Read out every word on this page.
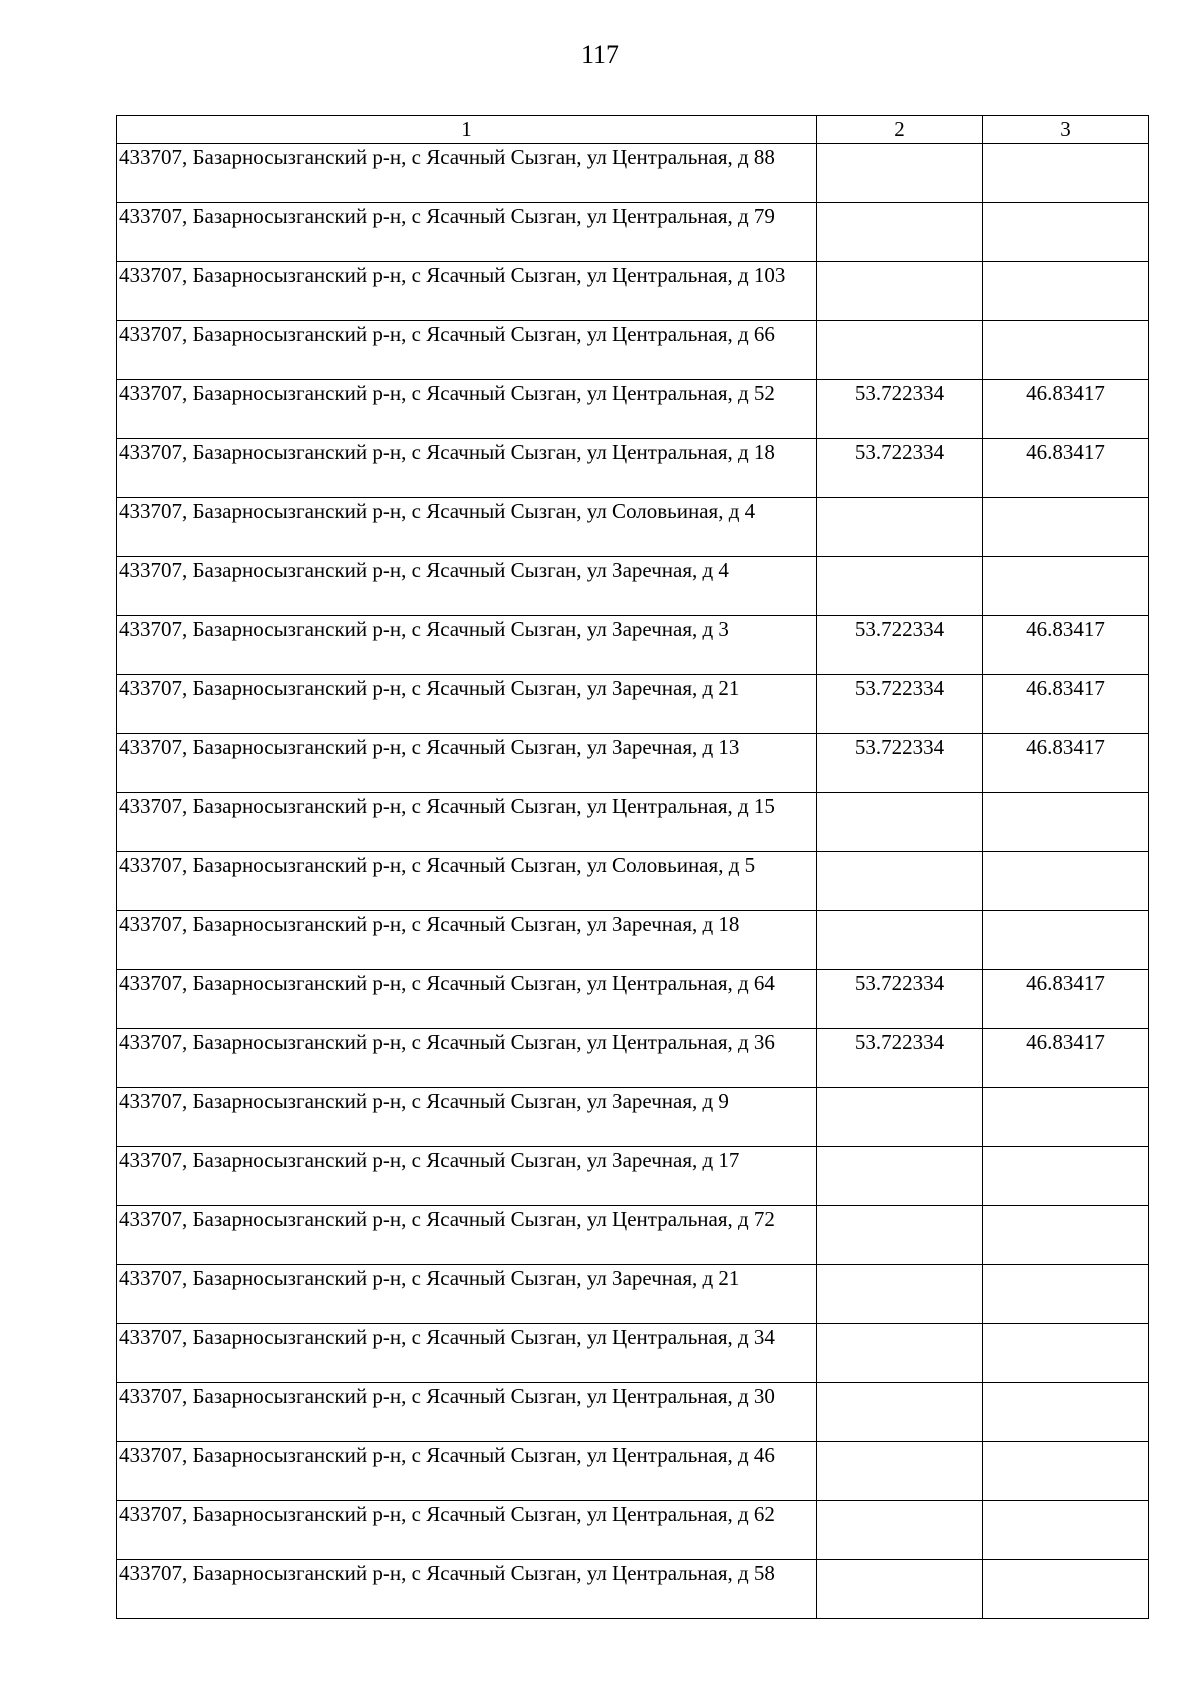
117
1	2	3
433707, Базарносызганский р-н, с Ясачный Сызган, ул Центральная, д 88		
433707, Базарносызганский р-н, с Ясачный Сызган, ул Центральная, д 79		
433707, Базарносызганский р-н, с Ясачный Сызган, ул Центральная, д 103		
433707, Базарносызганский р-н, с Ясачный Сызган, ул Центральная, д 66		
433707, Базарносызганский р-н, с Ясачный Сызган, ул Центральная, д 52	53.722334	46.83417
433707, Базарносызганский р-н, с Ясачный Сызган, ул Центральная, д 18	53.722334	46.83417
433707, Базарносызганский р-н, с Ясачный Сызган, ул Соловьиная, д 4		
433707, Базарносызганский р-н, с Ясачный Сызган, ул Заречная, д 4		
433707, Базарносызганский р-н, с Ясачный Сызган, ул Заречная, д 3	53.722334	46.83417
433707, Базарносызганский р-н, с Ясачный Сызган, ул Заречная, д 21	53.722334	46.83417
433707, Базарносызганский р-н, с Ясачный Сызган, ул Заречная, д 13	53.722334	46.83417
433707, Базарносызганский р-н, с Ясачный Сызган, ул Центральная, д 15		
433707, Базарносызганский р-н, с Ясачный Сызган, ул Соловьиная, д 5		
433707, Базарносызганский р-н, с Ясачный Сызган, ул Заречная, д 18		
433707, Базарносызганский р-н, с Ясачный Сызган, ул Центральная, д 64	53.722334	46.83417
433707, Базарносызганский р-н, с Ясачный Сызган, ул Центральная, д 36	53.722334	46.83417
433707, Базарносызганский р-н, с Ясачный Сызган, ул Заречная, д 9		
433707, Базарносызганский р-н, с Ясачный Сызган, ул Заречная, д 17		
433707, Базарносызганский р-н, с Ясачный Сызган, ул Центральная, д 72		
433707, Базарносызганский р-н, с Ясачный Сызган, ул Заречная, д 21		
433707, Базарносызганский р-н, с Ясачный Сызган, ул Центральная, д 34		
433707, Базарносызганский р-н, с Ясачный Сызган, ул Центральная, д 30		
433707, Базарносызганский р-н, с Ясачный Сызган, ул Центральная, д 46		
433707, Базарносызганский р-н, с Ясачный Сызган, ул Центральная, д 62		
433707, Базарносызганский р-н, с Ясачный Сызган, ул Центральная, д 58		
